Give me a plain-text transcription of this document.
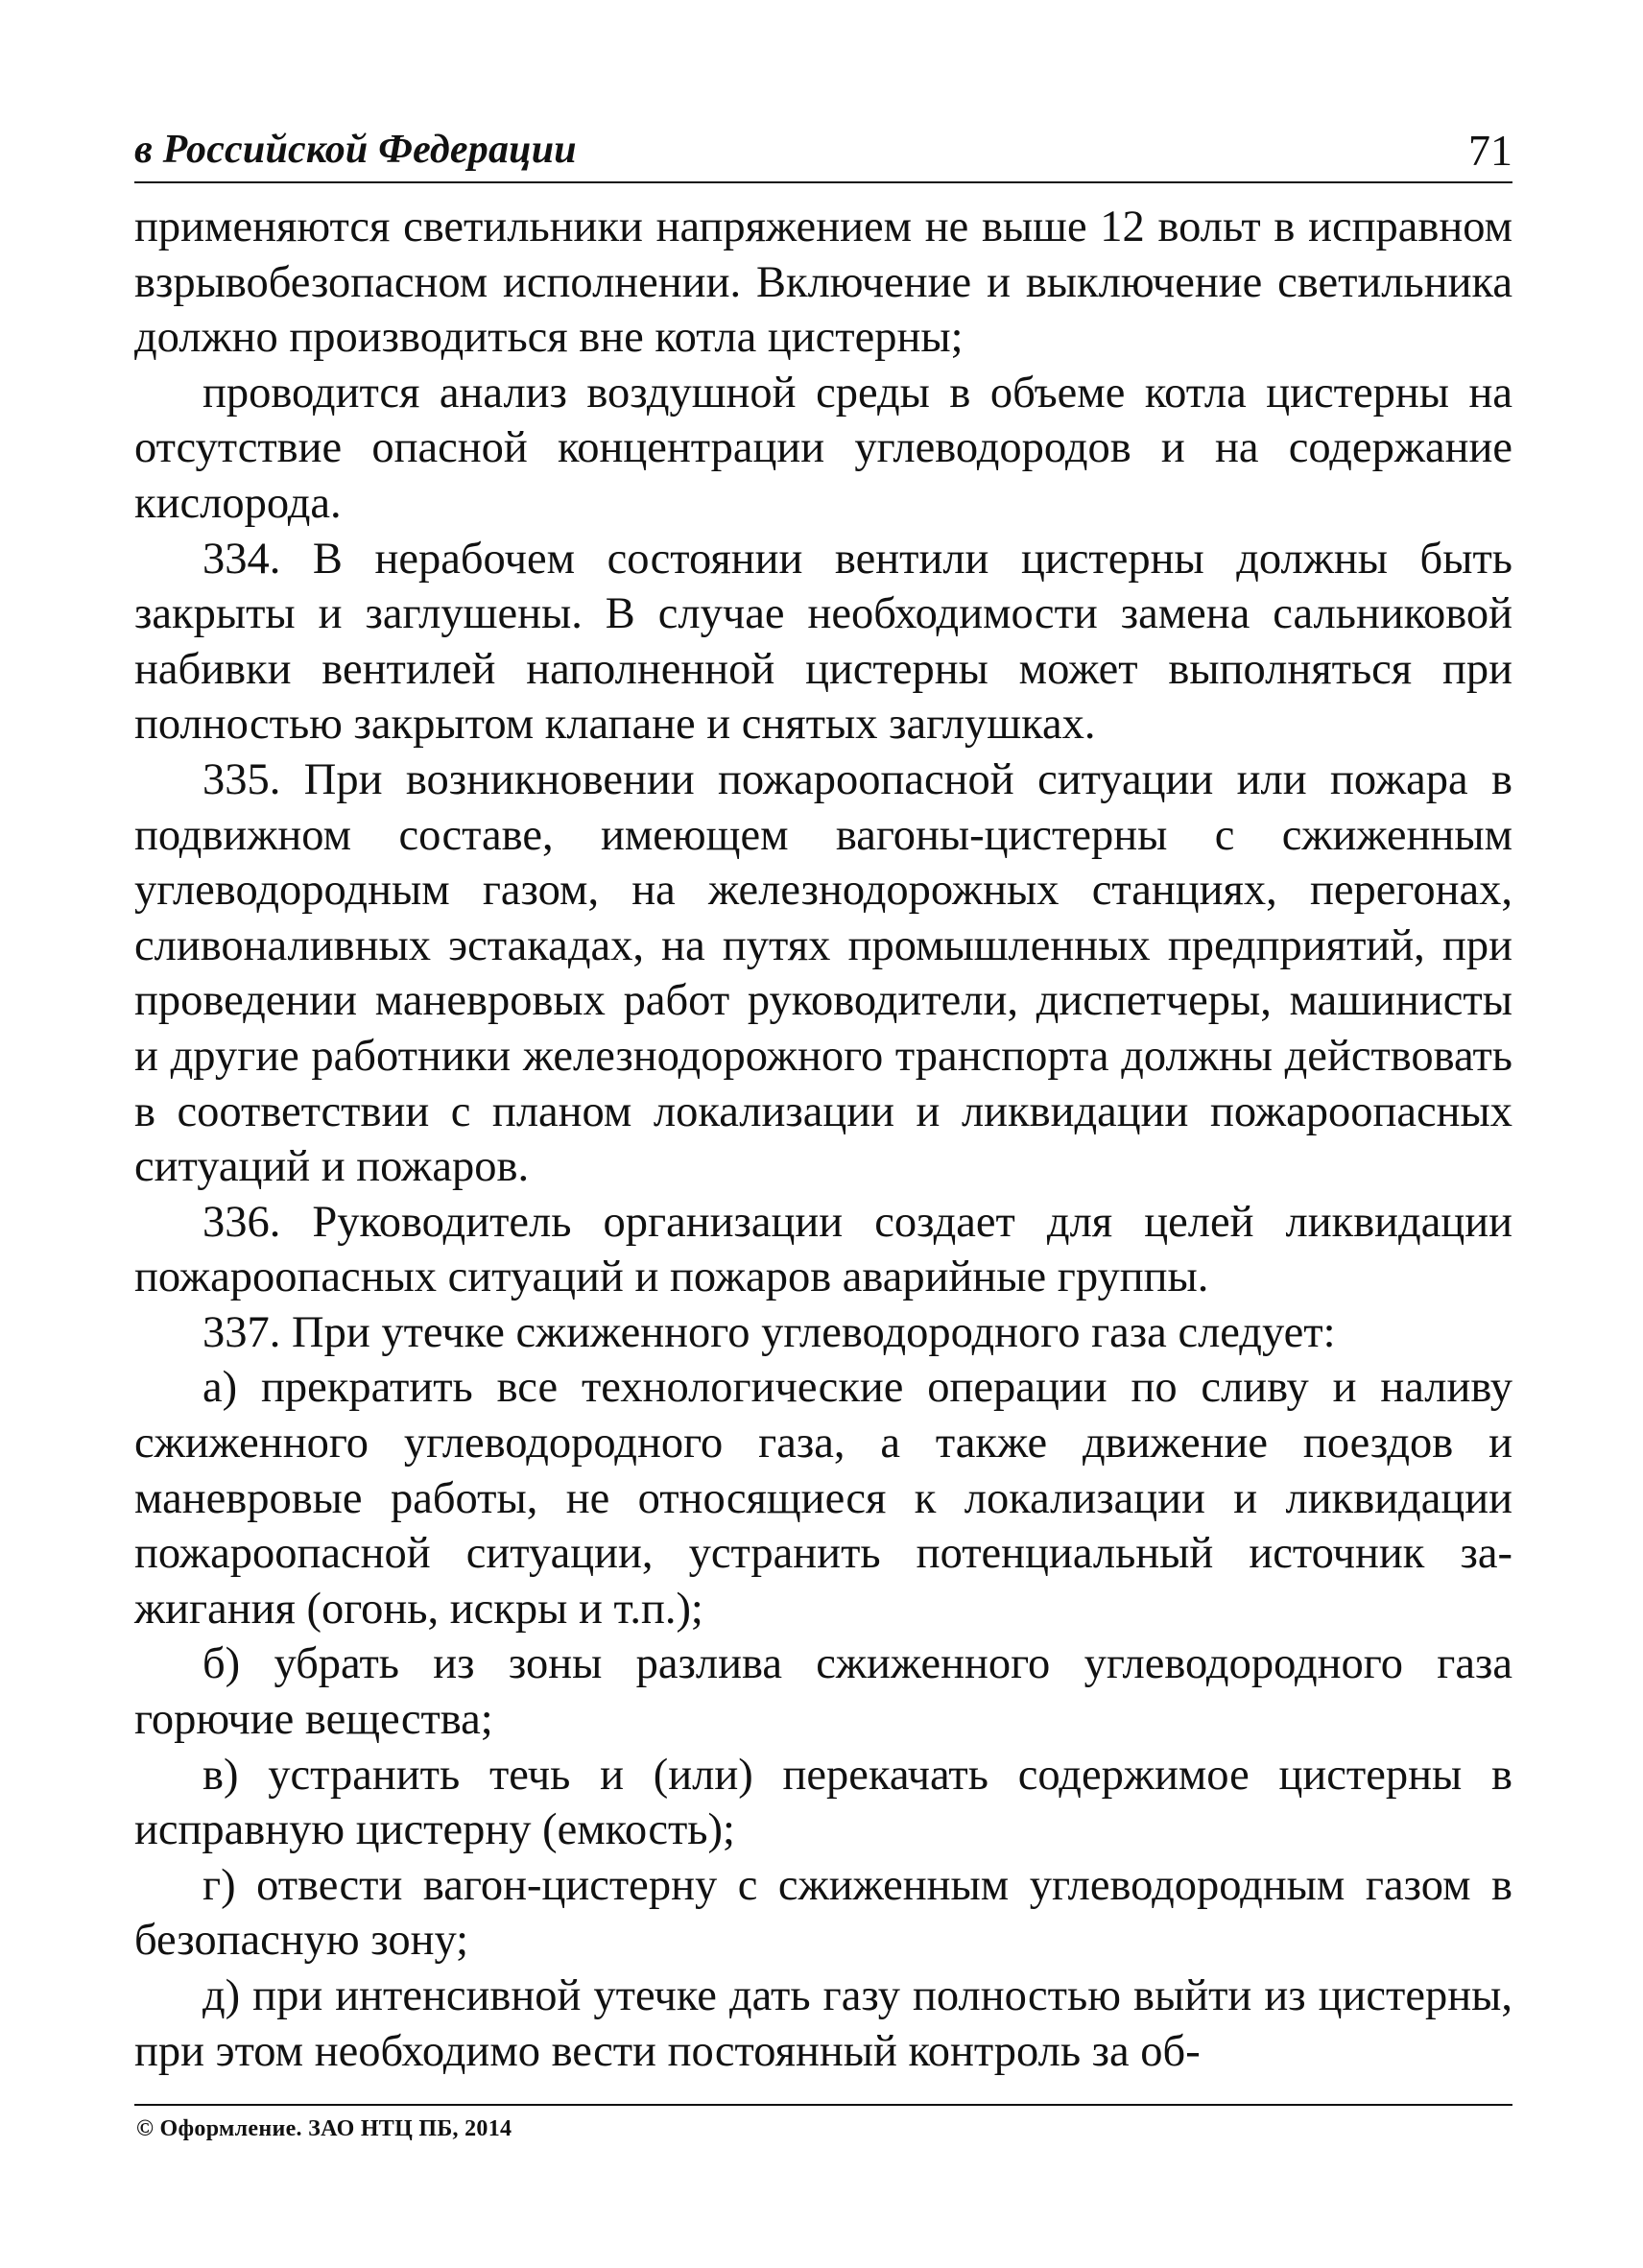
в Российской Федерации	71

применяются светильники напряжением не выше 12 вольт в исправном взрывобезопасном исполнении. Включение и выключение светильника должно производиться вне котла цистерны;

проводится анализ воздушной среды в объеме котла цистерны на отсутствие опасной концентрации углеводородов и на содержание кислорода.

334. В нерабочем состоянии вентили цистерны должны быть закрыты и заглушены. В случае необходимости замена сальниковой набивки вентилей наполненной цистерны может выполняться при полностью закрытом клапане и снятых заглушках.

335. При возникновении пожароопасной ситуации или пожара в подвижном составе, имеющем вагоны-цистерны с сжиженным углеводородным газом, на железнодорожных станциях, перегонах, сливоналивных эстакадах, на путях промышленных предприятий, при проведении маневровых работ руководители, диспетчеры, машинисты и другие работники железнодорожного транспорта должны действовать в соответствии с планом локализации и ликвидации пожароопасных ситуаций и пожаров.

336. Руководитель организации создает для целей ликвидации пожароопасных ситуаций и пожаров аварийные группы.

337. При утечке сжиженного углеводородного газа следует:

а) прекратить все технологические операции по сливу и наливу сжиженного углеводородного газа, а также движение поездов и маневровые работы, не относящиеся к локализации и ликвидации пожароопасной ситуации, устранить потенциальный источник зажигания (огонь, искры и т.п.);

б) убрать из зоны разлива сжиженного углеводородного газа горючие вещества;

в) устранить течь и (или) перекачать содержимое цистерны в исправную цистерну (емкость);

г) отвести вагон-цистерну с сжиженным углеводородным газом в безопасную зону;

д) при интенсивной утечке дать газу полностью выйти из цистерны, при этом необходимо вести постоянный контроль за об-

© Оформление. ЗАО НТЦ ПБ, 2014
